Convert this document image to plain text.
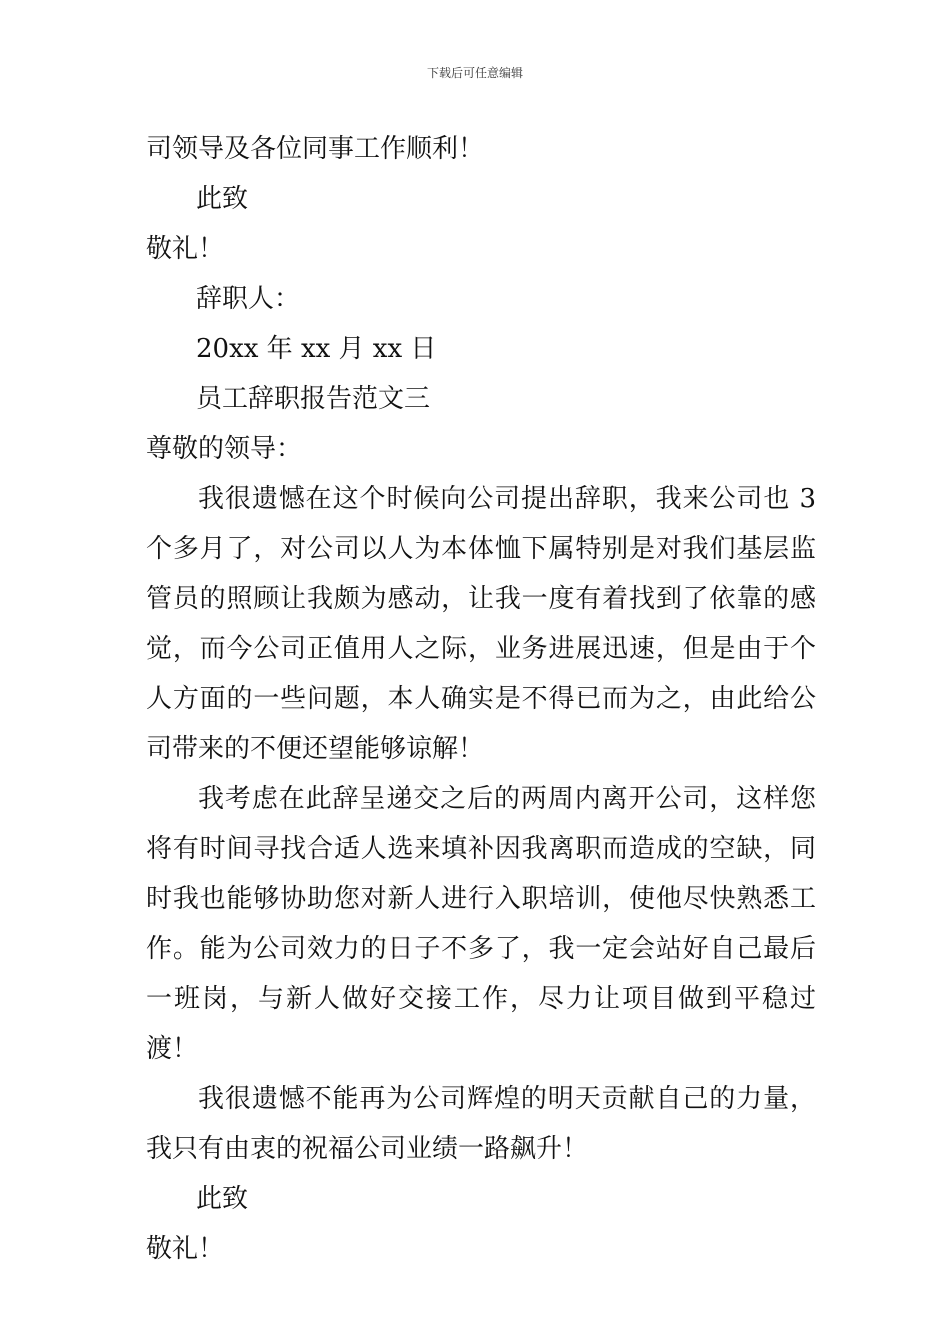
下载后可任意编辑
司领导及各位同事工作顺利！
此致
敬礼！
辞职人：
20xx 年 xx 月 xx 日
员工辞职报告范文三
尊敬的领导：
我很遗憾在这个时候向公司提出辞职，我来公司也 3 个多月了，对公司以人为本体恤下属特别是对我们基层监管员的照顾让我颇为感动，让我一度有着找到了依靠的感觉，而今公司正值用人之际，业务进展迅速，但是由于个人方面的一些问题，本人确实是不得已而为之，由此给公司带来的不便还望能够谅解！
我考虑在此辞呈递交之后的两周内离开公司，这样您将有时间寻找合适人选来填补因我离职而造成的空缺，同时我也能够协助您对新人进行入职培训，使他尽快熟悉工作。能为公司效力的日子不多了，我一定会站好自己最后一班岗，与新人做好交接工作，尽力让项目做到平稳过渡！
我很遗憾不能再为公司辉煌的明天贡献自己的力量，我只有由衷的祝福公司业绩一路飙升！
此致
敬礼！
